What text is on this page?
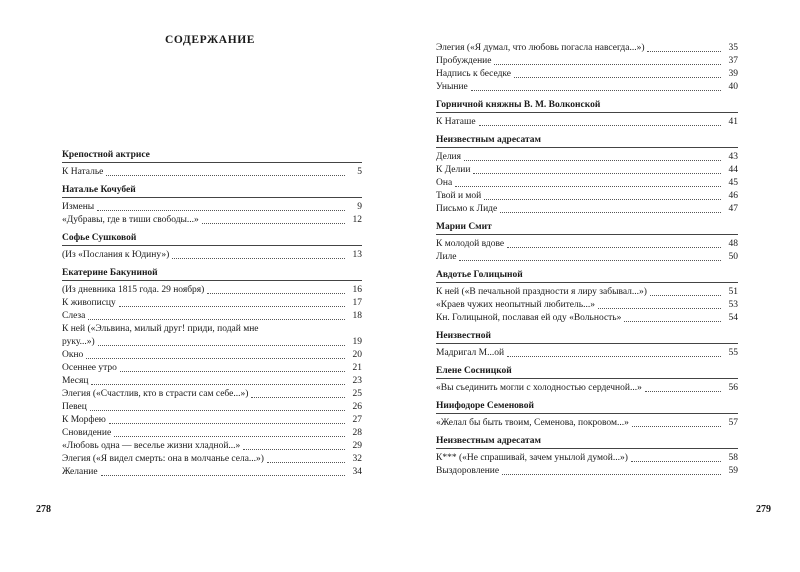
СОДЕРЖАНИЕ
Крепостной актрисе
К Натальe	5
Наталье Кочубей
Измены	9
«Дубравы, где в тиши свободы...»	12
Софье Сушковой
(Из «Послания к Юдину»)	13
Екатерине Бакуниной
(Из дневника 1815 года. 29 ноября)	16
К живописцу	17
Слеза	18
К ней («Эльвина, милый друг! приди, подай мне
руку...»)	19
Окно	20
Осеннее утро	21
Месяц	23
Элегия («Счастлив, кто в страсти сам себе...»)	25
Певец	26
К Морфею	27
Сновидение	28
«Любовь одна — веселье жизни хладной...»	29
Элегия («Я видел смерть: она в молчанье села...»)	32
Желание	34
278
Элегия («Я думал, что любовь погасла навсегда...»)	35
Пробуждение	37
Надпись к беседке	39
Уныние	40
Горничной княжны В. М. Волконской
К Наташе	41
Неизвестным адресатам
Делия	43
К Делии	44
Она	45
Твой и мой	46
Письмо к Лиде	47
Марии Смит
К молодой вдове	48
Лиле	50
Авдотье Голицыной
К ней («В печальной праздности я лиру забывал...»)	51
«Краев чужих неопытный любитель...»	53
Кн. Голицыной, пославая ей оду «Вольность»	54
Неизвестной
Мадригал М...ой	55
Елене Сосницкой
«Вы съединить могли с холодностью сердечной...»	56
Ниифодоре Семеновой
«Желал бы быть твоим, Семенова, покровом...»	57
Неизвестным адресатам
К*** («Не спрашивай, зачем унылой думой...»)	58
Выздоровление	59
279
